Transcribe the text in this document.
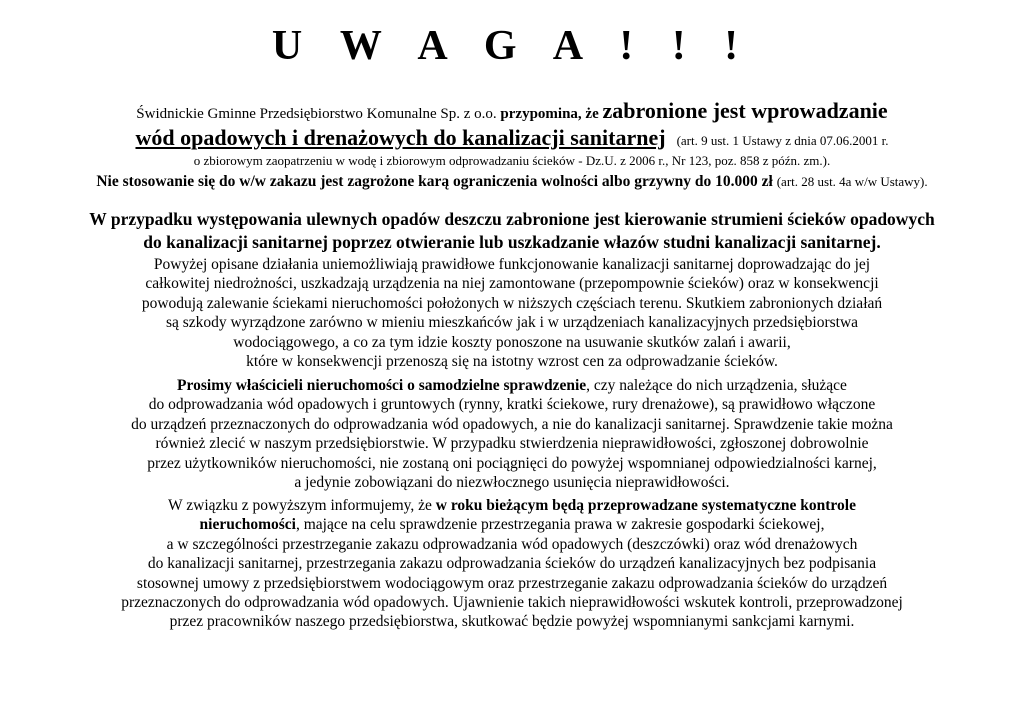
U W A G A ! ! !
Świdnickie Gminne Przedsiębiorstwo Komunalne Sp. z o.o. przypomina, że zabronione jest wprowadzanie
wód opadowych i drenażowych do kanalizacji sanitarnej (art. 9 ust. 1 Ustawy z dnia 07.06.2001 r.
o zbiorowym zaopatrzeniu w wodę i zbiorowym odprowadzaniu ścieków - Dz.U. z 2006 r., Nr 123, poz. 858 z późn. zm.).
Nie stosowanie się do w/w zakazu jest zagrożone karą ograniczenia wolności albo grzywny do 10.000 zł (art. 28 ust. 4a w/w Ustawy).
W przypadku występowania ulewnych opadów deszczu zabronione jest kierowanie strumieni ścieków opadowych
do kanalizacji sanitarnej poprzez otwieranie lub uszkadzanie włazów studni kanalizacji sanitarnej.
Powyżej opisane działania uniemożliwiają prawidłowe funkcjonowanie kanalizacji sanitarnej doprowadzając do jej
całkowitej niedrożności, uszkadzają urządzenia na niej zamontowane (przepompownie ścieków) oraz w konsekwencji
powodują zalewanie ściekami nieruchomości położonych w niższych częściach terenu. Skutkiem zabronionych działań
są szkody wyrządzone zarówno w mieniu mieszkańców jak i w urządzeniach kanalizacyjnych przedsiębiorstwa
wodociągowego, a co za tym idzie koszty ponoszone na usuwanie skutków zalań i awarii,
które w konsekwencji przenoszą się na istotny wzrost cen za odprowadzanie ścieków.
Prosimy właścicieli nieruchomości o samodzielne sprawdzenie, czy należące do nich urządzenia, służące
do odprowadzania wód opadowych i gruntowych (rynny, kratki ściekowe, rury drenażowe), są prawidłowo włączone
do urządzeń przeznaczonych do odprowadzania wód opadowych, a nie do kanalizacji sanitarnej. Sprawdzenie takie można
również zlecić w naszym przedsiębiorstwie. W przypadku stwierdzenia nieprawidłowości, zgłoszonej dobrowolnie
przez użytkowników nieruchomości, nie zostaną oni pociągnięci do powyżej wspomnianej odpowiedzialności karnej,
a jedynie zobowiązani do niezwłocznego usunięcia nieprawidłowości.
W związku z powyższym informujemy, że w roku bieżącym będą przeprowadzane systematyczne kontrole
nieruchomości, mające na celu sprawdzenie przestrzegania prawa w zakresie gospodarki ściekowej,
a w szczególności przestrzeganie zakazu odprowadzania wód opadowych (deszczówki) oraz wód drenażowych
do kanalizacji sanitarnej, przestrzegania zakazu odprowadzania ścieków do urządzeń kanalizacyjnych bez podpisania
stosownej umowy z przedsiębiorstwem wodociągowym oraz przestrzeganie zakazu odprowadzania ścieków do urządzeń
przeznaczonych do odprowadzania wód opadowych. Ujawnienie takich nieprawidłowości wskutek kontroli, przeprowadzonej
przez pracowników naszego przedsiębiorstwa, skutkować będzie powyżej wspomnianymi sankcjami karnymi.
